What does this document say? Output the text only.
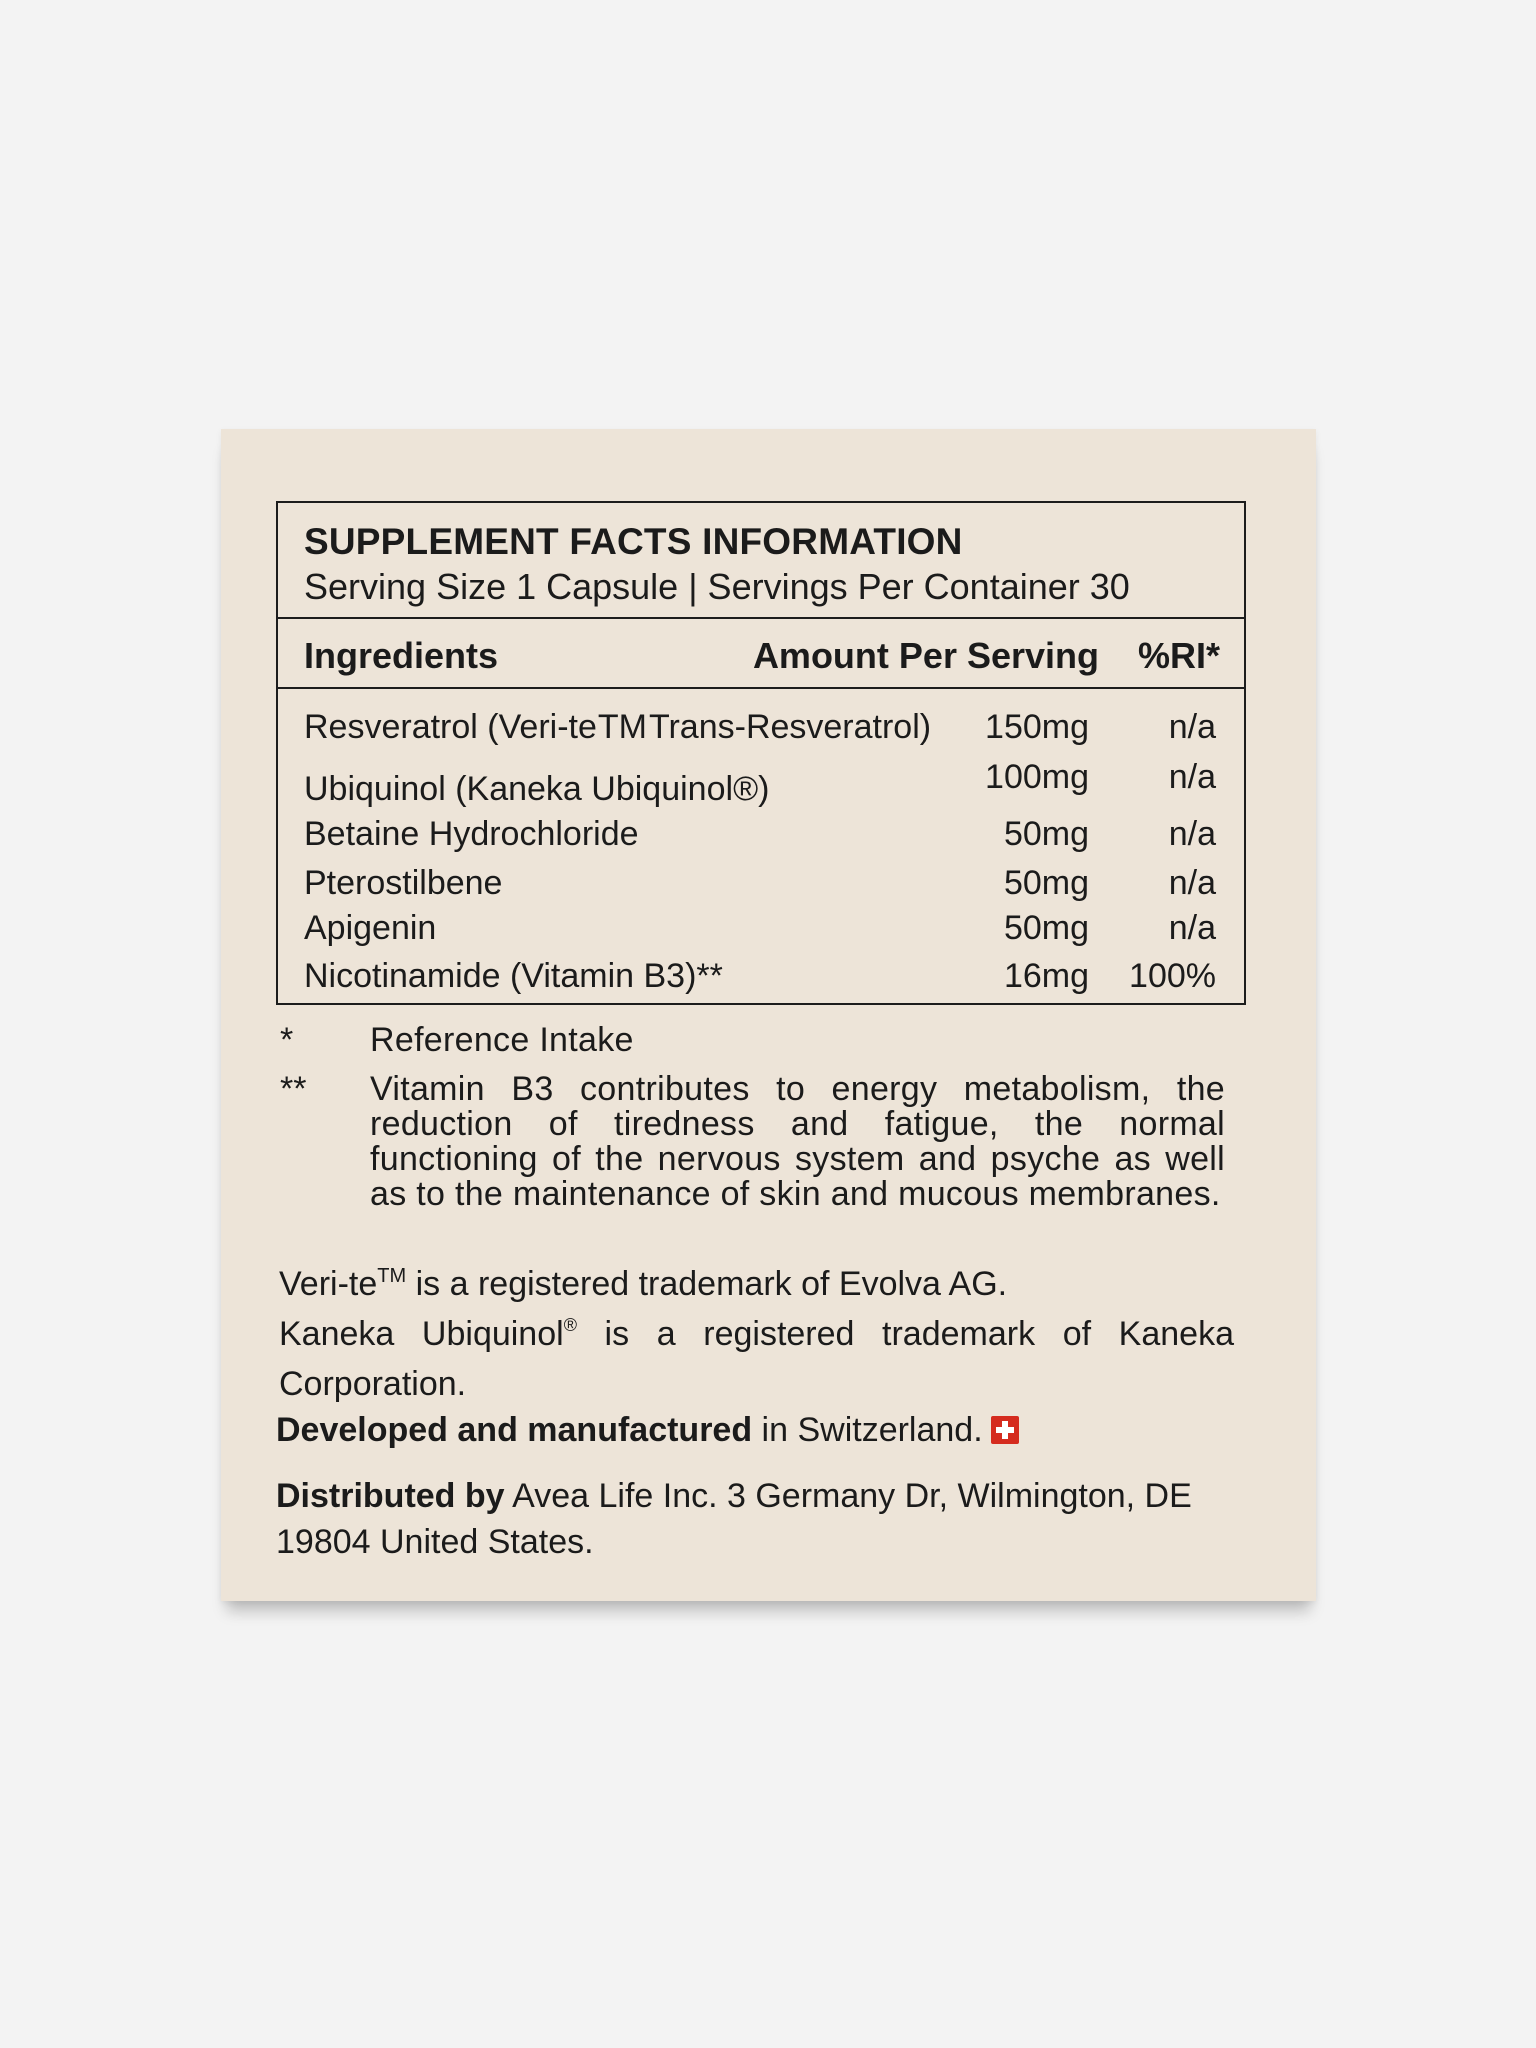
SUPPLEMENT FACTS INFORMATION
Serving Size 1 Capsule | Servings Per Container 30
Ingredients	Amount Per Serving %RI*
Resveratrol (Veri-teTMTrans-Resveratrol) 150mg n/a
Ubiquinol (Kaneka Ubiquinol®)	100mg n/a
Betaine Hydrochloride	50mg n/a
Pterostilbene	50mg n/a
Apigenin	50mg n/a
Nicotinamide (Vitamin B3)**	16mg 100%
* Reference Intake
** Vitamin B3 contributes to energy metabolism, the reduction of tiredness and fatigue, the normal functioning of the nervous system and psyche as well as to the maintenance of skin and mucous membranes.

Veri-te™ is a registered trademark of Evolva AG.

Kaneka Ubiquinol® is a registered trademark of Kaneka Corporation.

Developed and manufactured in Switzerland.
Distributed by Avea Life Inc. 3 Germany Dr, Wilmington, DE 19804 United States.
